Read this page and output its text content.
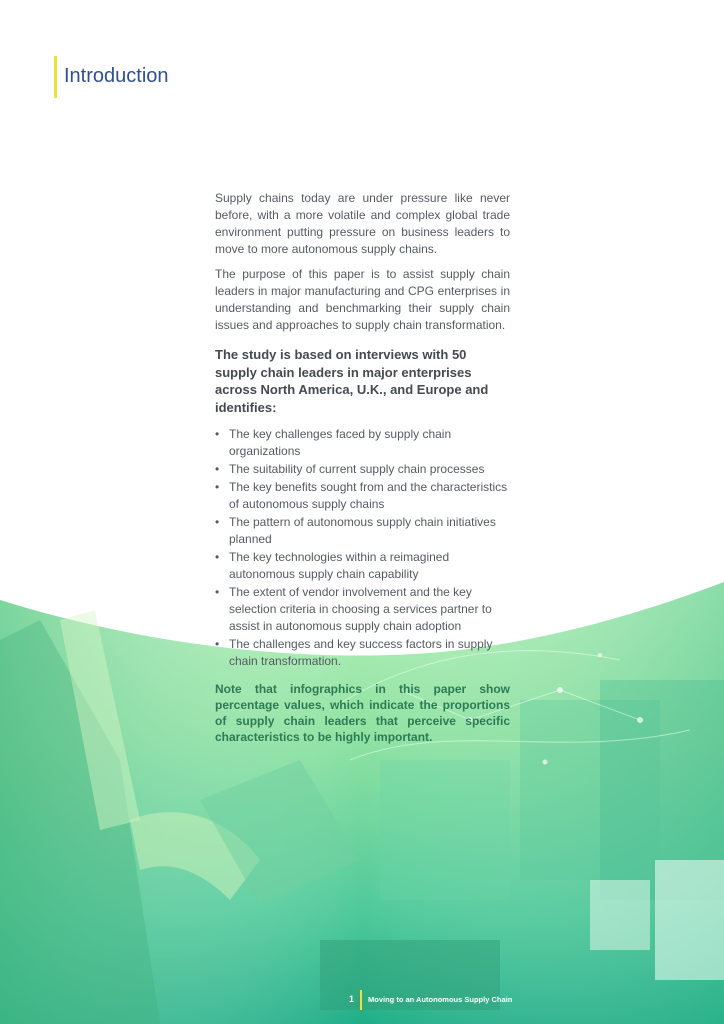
Introduction

Supply chains today are under pressure like never before, with a more volatile and complex global trade environment putting pressure on business leaders to move to more autonomous supply chains.

The purpose of this paper is to assist supply chain leaders in major manufacturing and CPG enterprises in understanding and benchmarking their supply chain issues and approaches to supply chain transformation.

The study is based on interviews with 50 supply chain leaders in major enterprises across North America, U.K., and Europe and identifies:

• The key challenges faced by supply chain organizations
• The suitability of current supply chain processes
• The key benefits sought from and the characteristics of autonomous supply chains
• The pattern of autonomous supply chain initiatives planned
• The key technologies within a reimagined autonomous supply chain capability
• The extent of vendor involvement and the key selection criteria in choosing a services partner to assist in autonomous supply chain adoption
• The challenges and key success factors in supply chain transformation.
Note that infographics in this paper show percentage values, which indicate the proportions of supply chain leaders that perceive specific characteristics to be highly important.
1 Moving to an Autonomous Supply Chain
